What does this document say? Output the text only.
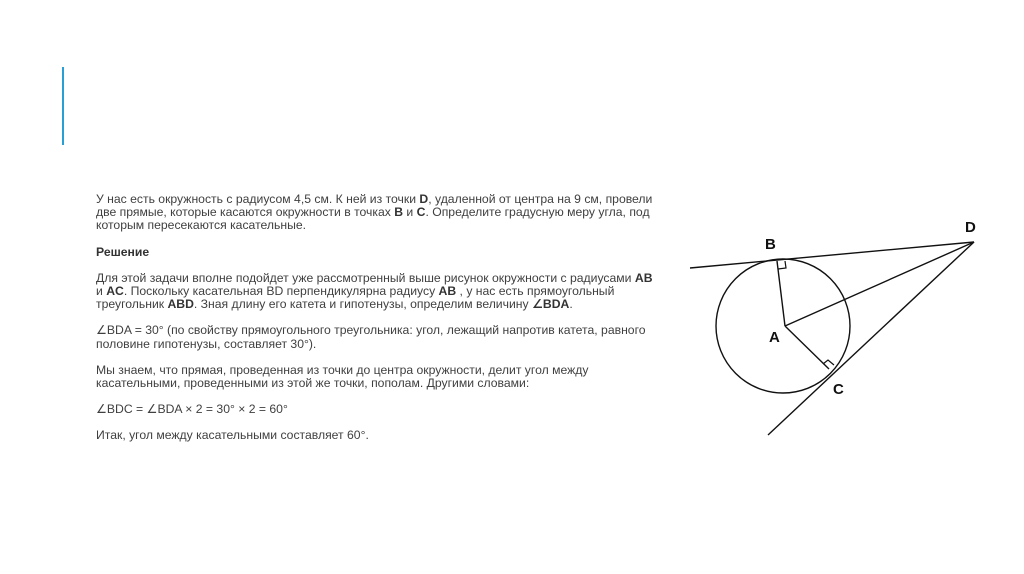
У нас есть окружность с радиусом 4,5 см. К ней из точки D, удаленной от центра на 9 см, провели две прямые, которые касаются окружности в точках B и C. Определите градусную меру угла, под которым пересекаются касательные.

Решение

Для этой задачи вполне подойдет уже рассмотренный выше рисунок окружности с радиусами AB и AC. Поскольку касательная BD перпендикулярна радиусу AB , у нас есть прямоугольный треугольник ABD. Зная длину его катета и гипотенузы, определим величину ∠BDA.

∠BDA = 30° (по свойству прямоугольного треугольника: угол, лежащий напротив катета, равного половине гипотенузы, составляет 30°).

Мы знаем, что прямая, проведенная из точки до центра окружности, делит угол между касательными, проведенными из этой же точки, пополам. Другими словами:

∠BDC = ∠BDA × 2 = 30° × 2 = 60°

Итак, угол между касательными составляет 60°.

B
A
C
D
